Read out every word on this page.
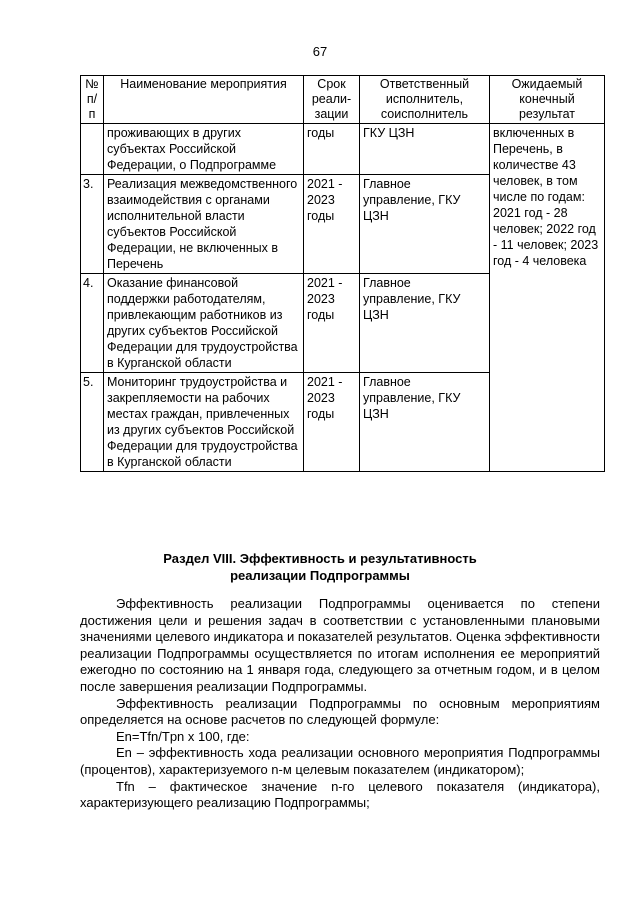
67
№ п/п	Наименование мероприятия	Срок реали-зации	Ответственный исполнитель, соисполнитель	Ожидаемый конечный результат
	проживающих в других субъектах Российской Федерации, о Подпрограмме	годы	ГКУ ЦЗН	включенных в Перечень, в количестве 43 человек, в том числе по годам: 2021 год - 28 человек; 2022 год - 11 человек; 2023 год - 4 человека
3.	Реализация межведомственного взаимодействия с органами исполнительной власти субъектов Российской Федерации, не включенных в Перечень	2021 - 2023 годы	Главное управление, ГКУ ЦЗН	
4.	Оказание финансовой поддержки работодателям, привлекающим работников из других субъектов Российской Федерации для трудоустройства в Курганской области	2021 - 2023 годы	Главное управление, ГКУ ЦЗН	
5.	Мониторинг трудоустройства и закрепляемости на рабочих местах граждан, привлеченных из других субъектов Российской Федерации для трудоустройства в Курганской области	2021 - 2023 годы	Главное управление, ГКУ ЦЗН	
Раздел VIII. Эффективность и результативность
реализации Подпрограммы

Эффективность реализации Подпрограммы оценивается по степени достижения цели и решения задач в соответствии с установленными плановыми значениями целевого индикатора и показателей результатов. Оценка эффективности реализации Подпрограммы осуществляется по итогам исполнения ее мероприятий ежегодно по состоянию на 1 января года, следующего за отчетным годом, и в целом после завершения реализации Подпрограммы.

Эффективность реализации Подпрограммы по основным мероприятиям определяется на основе расчетов по следующей формуле:

En=Tfn/Tpn х 100, где:

En – эффективность хода реализации основного мероприятия Подпрограммы (процентов), характеризуемого n-м целевым показателем (индикатором);

Tfn – фактическое значение n-го целевого показателя (индикатора), характеризующего реализацию Подпрограммы;
